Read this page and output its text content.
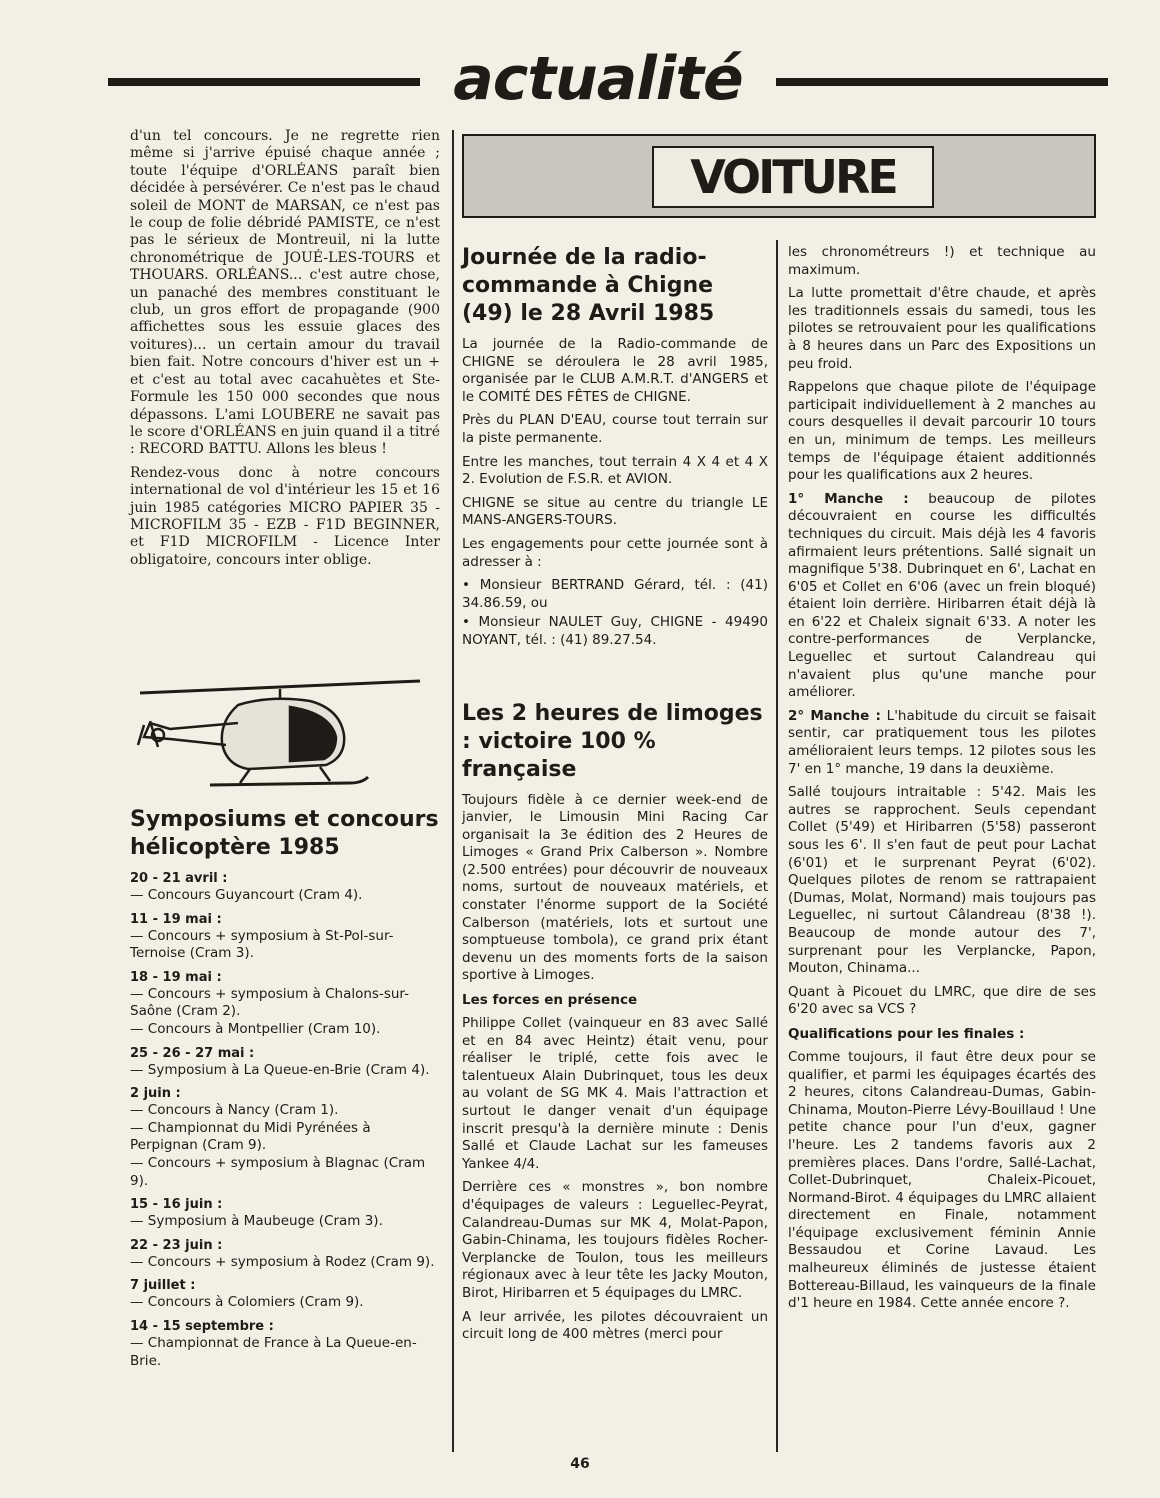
actualité

d'un tel concours. Je ne regrette rien même si j'arrive épuisé chaque année ; toute l'équipe d'ORLÉANS paraît bien décidée à persévérer. Ce n'est pas le chaud soleil de MONT de MARSAN, ce n'est pas le coup de folie débridé PAMISTE, ce n'est pas le sérieux de Montreuil, ni la lutte chronométrique de JOUÉ-LES-TOURS et THOUARS. ORLÉANS... c'est autre chose, un panaché des membres constituant le club, un gros effort de propagande (900 affichettes sous les essuie glaces des voitures)... un certain amour du travail bien fait. Notre concours d'hiver est un + et c'est au total avec cacahuètes et Ste-Formule les 150 000 secondes que nous dépassons. L'ami LOUBERE ne savait pas le score d'ORLÉANS en juin quand il a titré : RECORD BATTU. Allons les bleus !

Rendez-vous donc à notre concours international de vol d'intérieur les 15 et 16 juin 1985 catégories MICRO PAPIER 35 - MICROFILM 35 - EZB - F1D BEGINNER, et F1D MICROFILM - Licence Inter obligatoire, concours inter oblige.

Symposiums et concours hélicoptère 1985
20 - 21 avril :
— Concours Guyancourt (Cram 4).
11 - 19 mai :
— Concours + symposium à St-Pol-sur-Ternoise (Cram 3).
18 - 19 mai :
— Concours + symposium à Chalons-sur-Saône (Cram 2).
— Concours à Montpellier (Cram 10).
25 - 26 - 27 mai :
— Symposium à La Queue-en-Brie (Cram 4).
2 juin :
— Concours à Nancy (Cram 1).
— Championnat du Midi Pyrénées à Perpignan (Cram 9).
— Concours + symposium à Blagnac (Cram 9).
15 - 16 juin :
— Symposium à Maubeuge (Cram 3).
22 - 23 juin :
— Concours + symposium à Rodez (Cram 9).
7 juillet :
— Concours à Colomiers (Cram 9).
14 - 15 septembre :
— Championnat de France à La Queue-en-Brie.
VOITURE
Journée de la radio-commande à Chigne (49) le 28 Avril 1985

La journée de la Radio-commande de CHIGNE se déroulera le 28 avril 1985, organisée par le CLUB A.M.R.T. d'ANGERS et le COMITÉ DES FÊTES de CHIGNE.

Près du PLAN D'EAU, course tout terrain sur la piste permanente.

Entre les manches, tout terrain 4 X 4 et 4 X 2. Evolution de F.S.R. et AVION.

CHIGNE se situe au centre du triangle LE MANS-ANGERS-TOURS.

Les engagements pour cette journée sont à adresser à :

• Monsieur BERTRAND Gérard, tél. : (41) 34.86.59, ou

• Monsieur NAULET Guy, CHIGNE - 49490 NOYANT, tél. : (41) 89.27.54.

Les 2 heures de limoges : victoire 100 % française

Toujours fidèle à ce dernier week-end de janvier, le Limousin Mini Racing Car organisait la 3e édition des 2 Heures de Limoges « Grand Prix Calberson ». Nombre (2.500 entrées) pour découvrir de nouveaux noms, surtout de nouveaux matériels, et constater l'énorme support de la Société Calberson (matériels, lots et surtout une somptueuse tombola), ce grand prix étant devenu un des moments forts de la saison sportive à Limoges.

Les forces en présence

Philippe Collet (vainqueur en 83 avec Sallé et en 84 avec Heintz) était venu, pour réaliser le triplé, cette fois avec le talentueux Alain Dubrinquet, tous les deux au volant de SG MK 4. Mais l'attraction et surtout le danger venait d'un équipage inscrit presqu'à la dernière minute : Denis Sallé et Claude Lachat sur les fameuses Yankee 4/4.

Derrière ces « monstres », bon nombre d'équipages de valeurs : Leguellec-Peyrat, Calandreau-Dumas sur MK 4, Molat-Papon, Gabin-Chinama, les toujours fidèles Rocher-Verplancke de Toulon, tous les meilleurs régionaux avec à leur tête les Jacky Mouton, Birot, Hiribarren et 5 équipages du LMRC.

A leur arrivée, les pilotes découvraient un circuit long de 400 mètres (merci pour

les chronométreurs !) et technique au maximum.

La lutte promettait d'être chaude, et après les traditionnels essais du samedi, tous les pilotes se retrouvaient pour les qualifications à 8 heures dans un Parc des Expositions un peu froid.

Rappelons que chaque pilote de l'équipage participait individuellement à 2 manches au cours desquelles il devait parcourir 10 tours en un, minimum de temps. Les meilleurs temps de l'équipage étaient additionnés pour les qualifications aux 2 heures.

1° Manche : beaucoup de pilotes découvraient en course les difficultés techniques du circuit. Mais déjà les 4 favoris afirmaient leurs prétentions. Sallé signait un magnifique 5'38. Dubrinquet en 6', Lachat en 6'05 et Collet en 6'06 (avec un frein bloqué) étaient loin derrière. Hiribarren était déjà là en 6'22 et Chaleix signait 6'33. A noter les contre-performances de Verplancke, Leguellec et surtout Calandreau qui n'avaient plus qu'une manche pour améliorer.

2° Manche : L'habitude du circuit se faisait sentir, car pratiquement tous les pilotes amélioraient leurs temps. 12 pilotes sous les 7' en 1° manche, 19 dans la deuxième.

Sallé toujours intraitable : 5'42. Mais les autres se rapprochent. Seuls cependant Collet (5'49) et Hiribarren (5'58) passeront sous les 6'. Il s'en faut de peut pour Lachat (6'01) et le surprenant Peyrat (6'02). Quelques pilotes de renom se rattrapaient (Dumas, Molat, Normand) mais toujours pas Leguellec, ni surtout Câlandreau (8'38 !). Beaucoup de monde autour des 7', surprenant pour les Verplancke, Papon, Mouton, Chinama...

Quant à Picouet du LMRC, que dire de ses 6'20 avec sa VCS ?

Qualifications pour les finales :

Comme toujours, il faut être deux pour se qualifier, et parmi les équipages écartés des 2 heures, citons Calandreau-Dumas, Gabin-Chinama, Mouton-Pierre Lévy-Bouillaud ! Une petite chance pour l'un d'eux, gagner l'heure. Les 2 tandems favoris aux 2 premières places. Dans l'ordre, Sallé-Lachat, Collet-Dubrinquet, Chaleix-Picouet, Normand-Birot. 4 équipages du LMRC allaient directement en Finale, notamment l'équipage exclusivement féminin Annie Bessaudou et Corine Lavaud. Les malheureux éliminés de justesse étaient Bottereau-Billaud, les vainqueurs de la finale d'1 heure en 1984. Cette année encore ?.

46
